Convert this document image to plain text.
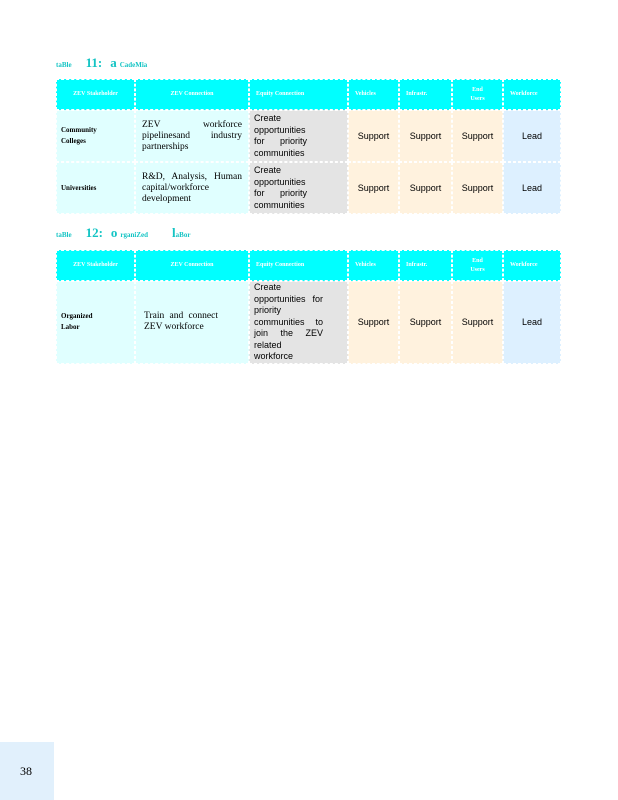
taBle 11: a CadeMia
ZEV Stakeholder	ZEV Connection	Equity Connection	Vehicles	Infrastr.	End Users	Workforce
Community Colleges	ZEV workforce pipelinesand industry partnerships	Create opportunities for priority communities	Support	Support	Support	Lead
Universities	R&D, Analysis, Human capital/workforce development	Create opportunities for priority communities	Support	Support	Support	Lead
taBle 12: o rganiZed laBor
ZEV Stakeholder	ZEV Connection	Equity Connection	Vehicles	Infrastr.	End Users	Workforce
Organized Labor	Train and connect ZEV workforce	Create opportunities for priority communities to join the ZEV related workforce	Support	Support	Support	Lead
38
